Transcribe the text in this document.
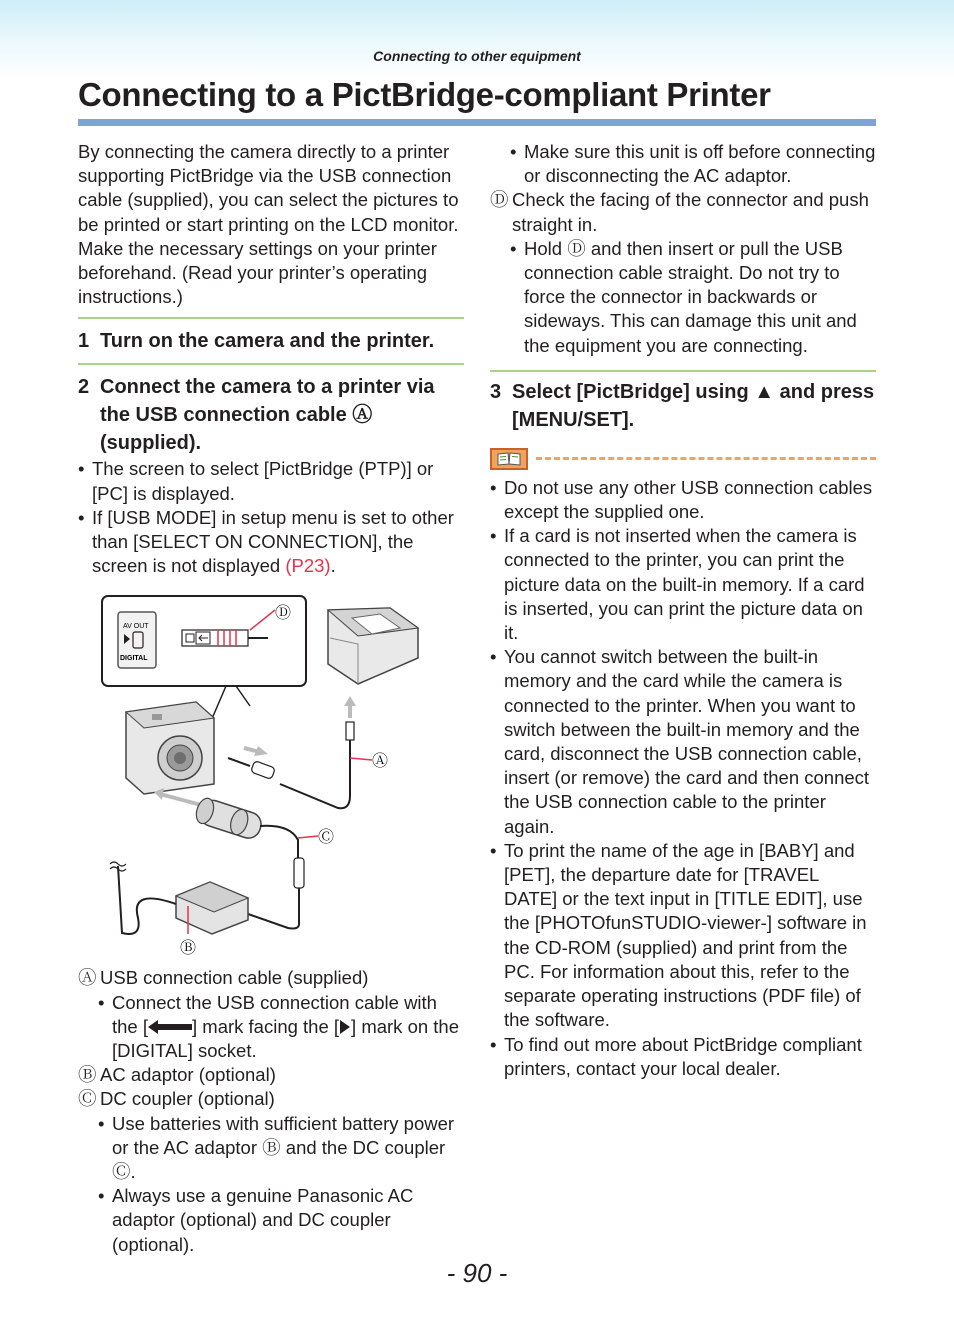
Connecting to other equipment
Connecting to a PictBridge-compliant Printer

By connecting the camera directly to a printer supporting PictBridge via the USB connection cable (supplied), you can select the pictures to be printed or start printing on the LCD monitor. Make the necessary settings on your printer beforehand. (Read your printer’s operating instructions.)

1 Turn on the camera and the printer.
2 Connect the camera to a printer via the USB connection cable Ⓐ (supplied).
• The screen to select [PictBridge (PTP)] or [PC] is displayed.
• If [USB MODE] in setup menu is set to other than [SELECT ON CONNECTION], the screen is not displayed (P23).
AV OUT
DIGITAL
Ⓓ
Ⓐ
Ⓒ
Ⓑ
Ⓐ USB connection cable (supplied)
• Connect the USB connection cable with the [ ] mark facing the [ ] mark on the [DIGITAL] socket.
Ⓑ AC adaptor (optional)
Ⓒ DC coupler (optional)
• Use batteries with sufficient battery power or the AC adaptor Ⓑ and the DC coupler Ⓒ.
• Always use a genuine Panasonic AC adaptor (optional) and DC coupler (optional).
• Make sure this unit is off before connecting or disconnecting the AC adaptor.
Ⓓ Check the facing of the connector and push straight in.
• Hold Ⓓ and then insert or pull the USB connection cable straight. Do not try to force the connector in backwards or sideways. This can damage this unit and the equipment you are connecting.
3 Select [PictBridge] using ▲ and press [MENU/SET].
• Do not use any other USB connection cables except the supplied one.
• If a card is not inserted when the camera is connected to the printer, you can print the picture data on the built-in memory. If a card is inserted, you can print the picture data on it.
• You cannot switch between the built-in memory and the card while the camera is connected to the printer. When you want to switch between the built-in memory and the card, disconnect the USB connection cable, insert (or remove) the card and then connect the USB connection cable to the printer again.
• To print the name of the age in [BABY] and [PET], the departure date for [TRAVEL DATE] or the text input in [TITLE EDIT], use the [PHOTOfunSTUDIO-viewer-] software in the CD-ROM (supplied) and print from the PC. For information about this, refer to the separate operating instructions (PDF file) of the software.
• To find out more about PictBridge compliant printers, contact your local dealer.
- 90 -
